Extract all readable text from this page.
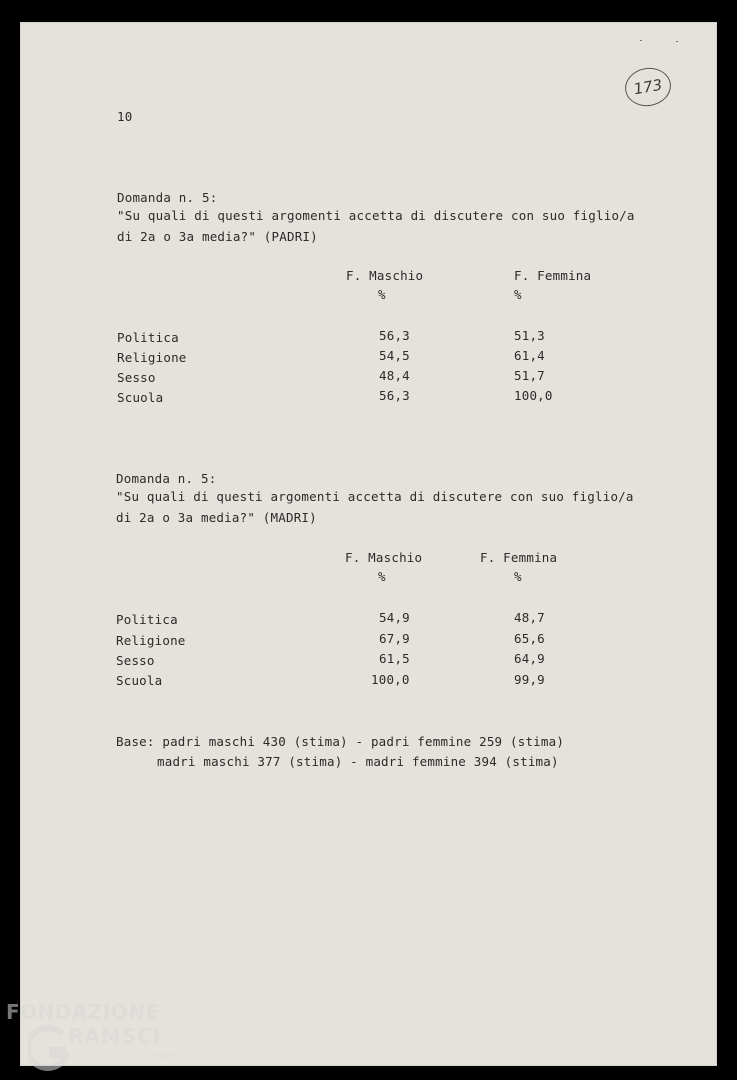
173
10
Domanda n. 5:
"Su quali di questi argomenti accetta di discutere con suo figlio/a
di 2a o 3a media?" (PADRI)
F. Maschio	F. Femmina
%	%
Politica	56,3	51,3
Religione	54,5	61,4
Sesso	48,4	51,7
Scuola	56,3	100,0
Domanda n. 5:
"Su quali di questi argomenti accetta di discutere con suo figlio/a
di 2a o 3a media?" (MADRI)
F. Maschio	F. Femmina
%	%
Politica	54,9	48,7
Religione	67,9	65,6
Sesso	61,5	64,9
Scuola	100,0	99,9
Base: padri maschi 430 (stima) - padri femmine 259 (stima)
madri maschi 377 (stima) - madri femmine 394 (stima)
FONDAZIONE
RAMSCI
onlus
